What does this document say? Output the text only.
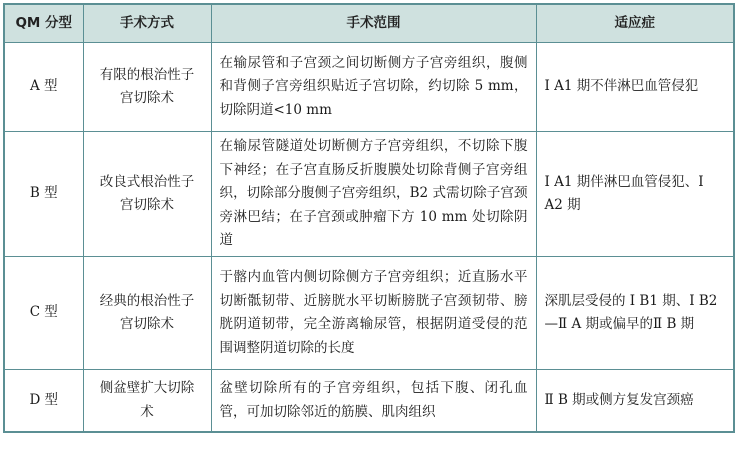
QM 分型	手术方式	手术范围	适应症
A 型	有限的根治性子宫切除术	在输尿管和子宫颈之间切断侧方子宫旁组织，腹侧和背侧子宫旁组织贴近子宫切除，约切除 5 mm，切除阴道<10 mm	Ⅰ A1 期不伴淋巴血管侵犯
B 型	改良式根治性子宫切除术	在输尿管隧道处切断侧方子宫旁组织，不切除下腹下神经；在子宫直肠反折腹膜处切除背侧子宫旁组织，切除部分腹侧子宫旁组织，B2 式需切除子宫颈旁淋巴结；在子宫颈或肿瘤下方 10 mm 处切除阴道	Ⅰ A1 期伴淋巴血管侵犯、Ⅰ A2 期
C 型	经典的根治性子宫切除术	于髂内血管内侧切除侧方子宫旁组织；近直肠水平切断骶韧带、近膀胱水平切断膀胱子宫颈韧带、膀胱阴道韧带，完全游离输尿管，根据阴道受侵的范围调整阴道切除的长度	深肌层受侵的 Ⅰ B1 期、Ⅰ B2—Ⅱ A 期或偏早的Ⅱ B 期
D 型	侧盆壁扩大切除术	盆壁切除所有的子宫旁组织，包括下腹、闭孔血管，可加切除邻近的筋膜、肌肉组织	Ⅱ B 期或侧方复发宫颈癌
